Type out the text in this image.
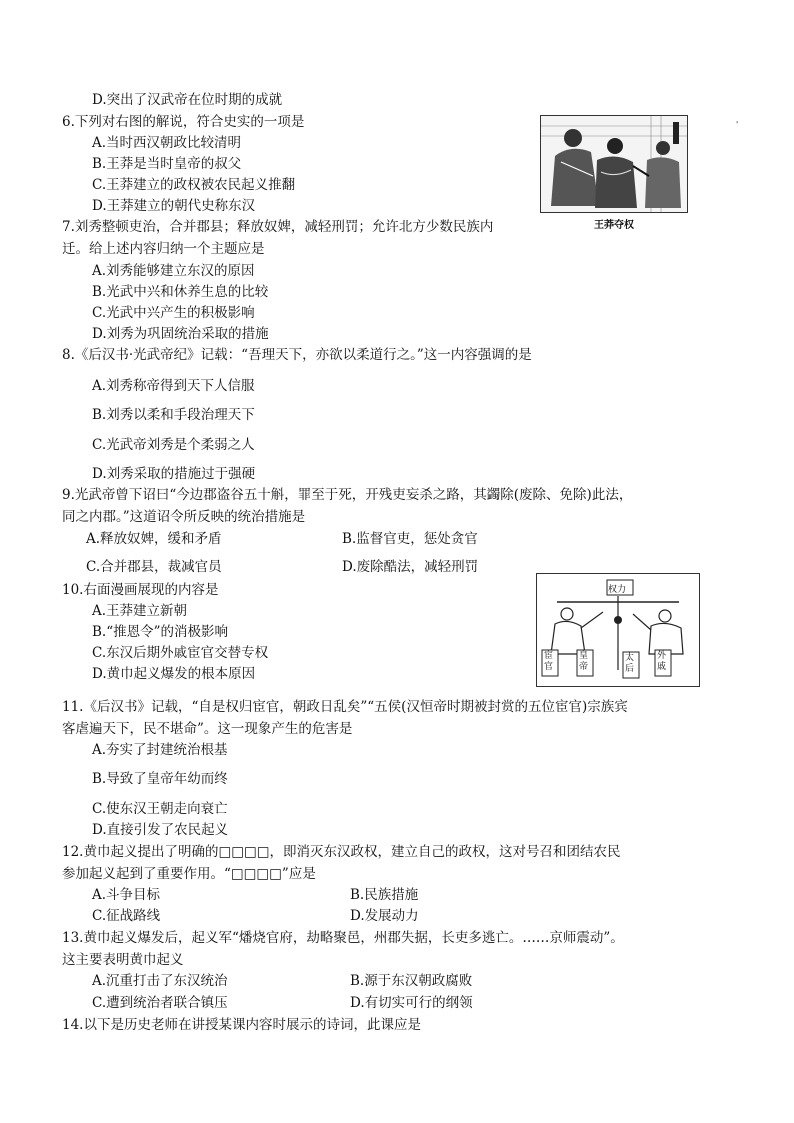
D.突出了汉武帝在位时期的成就
6.下列对右图的解说，符合史实的一项是
A.当时西汉朝政比较清明
B.王莽是当时皇帝的叔父
C.王莽建立的政权被农民起义推翻
D.王莽建立的朝代史称东汉
'
王莽夺权
7.刘秀整顿吏治，合并郡县；释放奴婢，减轻刑罚；允许北方少数民族内
迁。给上述内容归纳一个主题应是
A.刘秀能够建立东汉的原因
B.光武中兴和休养生息的比较
C.光武中兴产生的积极影响
D.刘秀为巩固统治采取的措施
8.《后汉书·光武帝纪》记载：“吾理天下，亦欲以柔道行之。”这一内容强调的是
A.刘秀称帝得到天下人信服
B.刘秀以柔和手段治理天下
C.光武帝刘秀是个柔弱之人
D.刘秀采取的措施过于强硬
9.光武帝曾下诏曰“今边郡盗谷五十斛，罪至于死，开残吏妄杀之路，其蠲除(废除、免除)此法，
同之内郡。”这道诏令所反映的统治措施是
A.释放奴婢，缓和矛盾	B.监督官吏，惩处贪官
C.合并郡县，裁减官员	D.废除酷法，减轻刑罚
10.右面漫画展现的内容是
A.王莽建立新朝
B.“推恩令”的消极影响
C.东汉后期外戚宦官交替专权
D.黄巾起义爆发的根本原因
权力
宦官
皇帝
太后
外戚
11.《后汉书》记载，“自是权归宦官，朝政日乱矣”“五侯(汉恒帝时期被封赏的五位宦官)宗族宾
客虐遍天下，民不堪命”。这一现象产生的危害是
A.夯实了封建统治根基
B.导致了皇帝年幼而终
C.使东汉王朝走向衰亡
D.直接引发了农民起义
12.黄巾起义提出了明确的□□□□，即消灭东汉政权，建立自己的政权，这对号召和团结农民
参加起义起到了重要作用。“□□□□”应是
A.斗争目标	B.民族措施
C.征战路线	D.发展动力
13.黄巾起义爆发后，起义军“燔烧官府，劫略聚邑，州郡失据，长吏多逃亡。……京师震动”。
这主要表明黄巾起义
A.沉重打击了东汉统治	B.源于东汉朝政腐败
C.遭到统治者联合镇压	D.有切实可行的纲领
14.以下是历史老师在讲授某课内容时展示的诗词，此课应是
